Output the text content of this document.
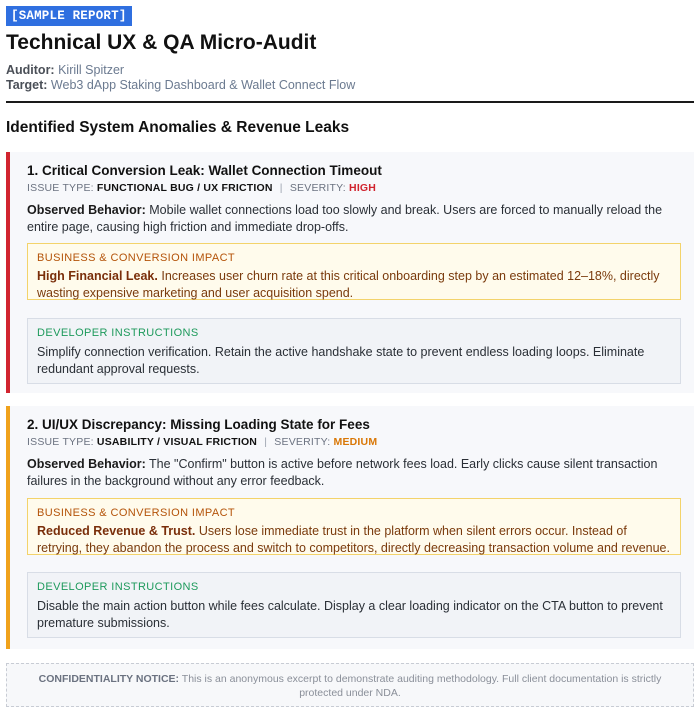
[SAMPLE REPORT]
Technical UX & QA Micro-Audit
Auditor: Kirill Spitzer
Target: Web3 dApp Staking Dashboard & Wallet Connect Flow
Identified System Anomalies & Revenue Leaks
1. Critical Conversion Leak: Wallet Connection Timeout
ISSUE TYPE: FUNCTIONAL BUG / UX FRICTION | SEVERITY: HIGH
Observed Behavior: Mobile wallet connections load too slowly and break. Users are forced to manually reload the entire page, causing high friction and immediate drop-offs.
BUSINESS & CONVERSION IMPACT
High Financial Leak. Increases user churn rate at this critical onboarding step by an estimated 12–18%, directly wasting expensive marketing and user acquisition spend.
DEVELOPER INSTRUCTIONS
Simplify connection verification. Retain the active handshake state to prevent endless loading loops. Eliminate redundant approval requests.
2. UI/UX Discrepancy: Missing Loading State for Fees
ISSUE TYPE: USABILITY / VISUAL FRICTION | SEVERITY: MEDIUM
Observed Behavior: The "Confirm" button is active before network fees load. Early clicks cause silent transaction failures in the background without any error feedback.
BUSINESS & CONVERSION IMPACT
Reduced Revenue & Trust. Users lose immediate trust in the platform when silent errors occur. Instead of retrying, they abandon the process and switch to competitors, directly decreasing transaction volume and revenue.
DEVELOPER INSTRUCTIONS
Disable the main action button while fees calculate. Display a clear loading indicator on the CTA button to prevent premature submissions.
CONFIDENTIALITY NOTICE: This is an anonymous excerpt to demonstrate auditing methodology. Full client documentation is strictly protected under NDA.
